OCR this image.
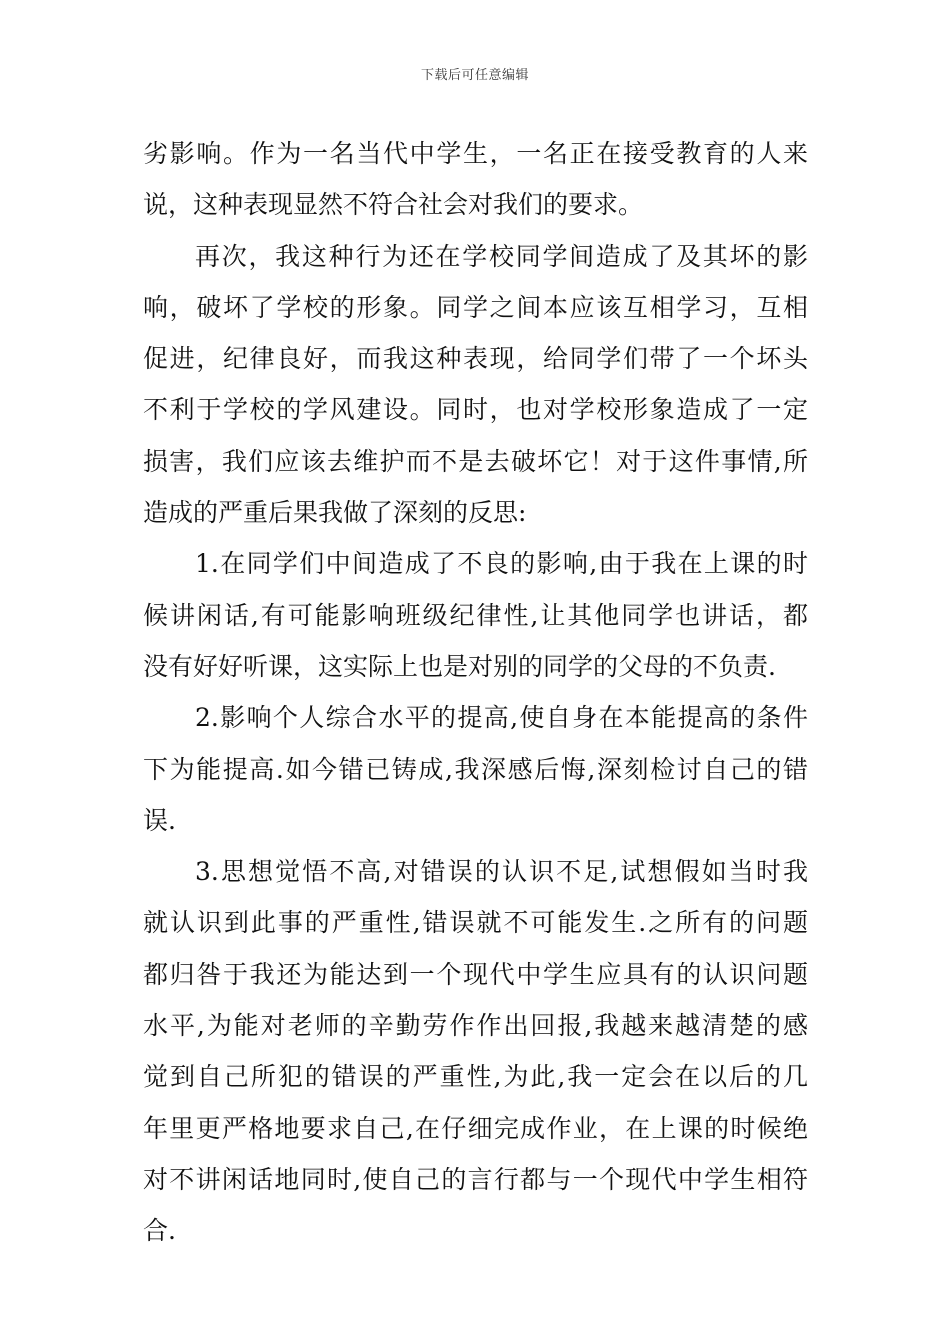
下载后可任意编辑
劣影响。作为一名当代中学生，一名正在接受教育的人来
说，这种表现显然不符合社会对我们的要求。
再次，我这种行为还在学校同学间造成了及其坏的影
响，破坏了学校的形象。同学之间本应该互相学习，互相
促进，纪律良好，而我这种表现，给同学们带了一个坏头
不利于学校的学风建设。同时，也对学校形象造成了一定
损害，我们应该去维护而不是去破坏它！对于这件事情,所
造成的严重后果我做了深刻的反思:
1.在同学们中间造成了不良的影响,由于我在上课的时
候讲闲话,有可能影响班级纪律性,让其他同学也讲话，都
没有好好听课，这实际上也是对别的同学的父母的不负责.
2.影响个人综合水平的提高,使自身在本能提高的条件
下为能提高.如今错已铸成,我深感后悔,深刻检讨自己的错
误.
3.思想觉悟不高,对错误的认识不足,试想假如当时我
就认识到此事的严重性,错误就不可能发生.之所有的问题
都归咎于我还为能达到一个现代中学生应具有的认识问题
水平,为能对老师的辛勤劳作作出回报,我越来越清楚的感
觉到自己所犯的错误的严重性,为此,我一定会在以后的几
年里更严格地要求自己,在仔细完成作业，在上课的时候绝
对不讲闲话地同时,使自己的言行都与一个现代中学生相符
合.
